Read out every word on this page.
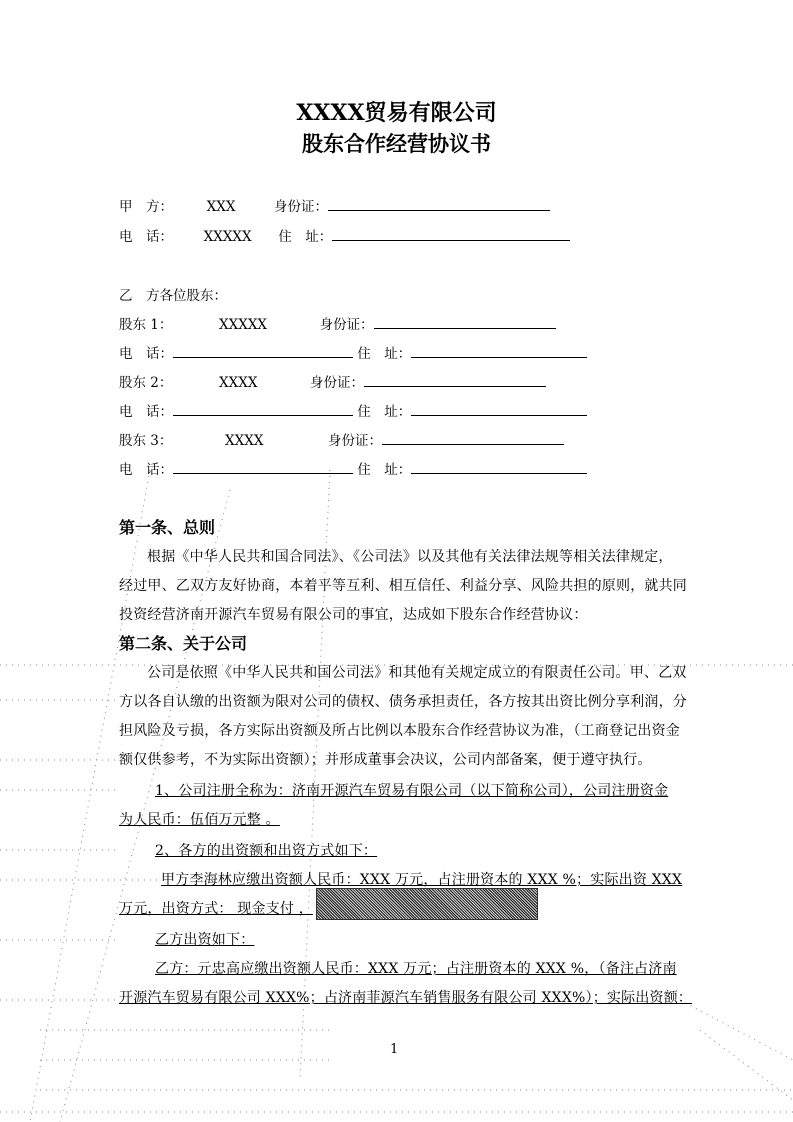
XXXX贸易有限公司
股东合作经营协议书
甲　方： XXX	身份证：
电　话： XXXXX 住　址：
乙　方各位股东：
股东 1：	XXXXX	身份证：
电　话：	住　址：
股东 2：	XXXX	身份证：
电　话：	住　址：
股东 3：	XXXX	身份证：
电　话：	住　址：
第一条、总则
根据《中华人民共和国合同法》、《公司法》以及其他有关法律法规等相关法律规定，
经过甲、乙双方友好协商，本着平等互利、相互信任、利益分享、风险共担的原则，就共同
投资经营济南开源汽车贸易有限公司的事宜，达成如下股东合作经营协议：
第二条、关于公司
公司是依照《中华人民共和国公司法》和其他有关规定成立的有限责任公司。甲、乙双
方以各自认缴的出资额为限对公司的债权、债务承担责任，各方按其出资比例分享利润，分
担风险及亏损，各方实际出资额及所占比例以本股东合作经营协议为准，（工商登记出资金
额仅供参考，不为实际出资额）；并形成董事会决议，公司内部备案，便于遵守执行。
1、公司注册全称为：济南开源汽车贸易有限公司（以下简称公司），公司注册资金
为人民币：伍佰万元整 。
2、各方的出资额和出资方式如下：
甲方李海林应缴出资额人民币：XXX 万元，占注册资本的 XXX %；实际出资 XXX
万元，出资方式： 现金支付 ，
乙方出资如下：
乙方：亓忠高应缴出资额人民币：XXX 万元；占注册资本的 XXX %，（备注占济南
开源汽车贸易有限公司 XXX%；占济南菲源汽车销售服务有限公司 XXX%）；实际出资额：
1
